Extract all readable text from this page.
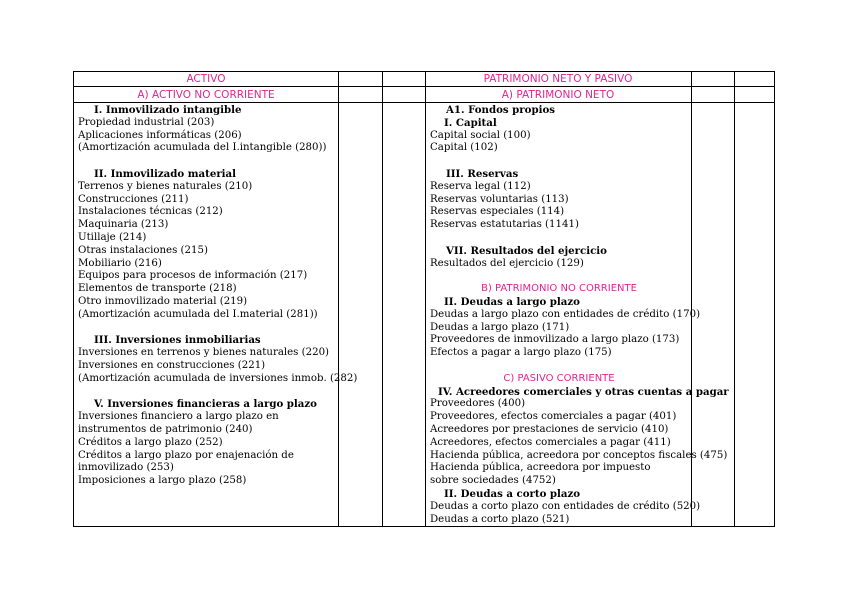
ACTIVO	PATRIMONIO NETO Y PASIVO
A) ACTIVO NO CORRIENTE	A) PATRIMONIO NETO
I. Inmovilizado intangible
Propiedad industrial (203)
Aplicaciones informáticas (206)
(Amortización acumulada del I.intangible (280))
II. Inmovilizado material
Terrenos y bienes naturales (210)
Construcciones (211)
Instalaciones técnicas (212)
Maquinaria (213)
Utillaje (214)
Otras instalaciones (215)
Mobiliario (216)
Equipos para procesos de información (217)
Elementos de transporte (218)
Otro inmovilizado material (219)
(Amortización acumulada del I.material (281))
III. Inversiones inmobiliarias
Inversiones en terrenos y bienes naturales (220)
Inversiones en construcciones (221)
(Amortización acumulada de inversiones inmob. (282)
V. Inversiones financieras a largo plazo
Inversiones financiero a largo plazo en instrumentos de patrimonio (240)
Créditos a largo plazo (252)
Créditos a largo plazo por enajenación de inmovilizado (253)
Imposiciones a largo plazo (258)
A1. Fondos propios
I. Capital
Capital social (100)
Capital (102)
III. Reservas
Reserva legal (112)
Reservas voluntarias (113)
Reservas especiales (114)
Reservas estatutarias (1141)
VII. Resultados del ejercicio
Resultados del ejercicio (129)
B) PATRIMONIO NO CORRIENTE
II. Deudas a largo plazo
Deudas a largo plazo con entidades de crédito (170)
Deudas a largo plazo (171)
Proveedores de inmovilizado a largo plazo (173)
Efectos a pagar a largo plazo (175)
C) PASIVO CORRIENTE
IV. Acreedores comerciales y otras cuentas a pagar
Proveedores (400)
Proveedores, efectos comerciales a pagar (401)
Acreedores por prestaciones de servicio (410)
Acreedores, efectos comerciales a pagar (411)
Hacienda pública, acreedora por conceptos fiscales (475)
Hacienda pública, acreedora por impuesto sobre sociedades (4752)
II. Deudas a corto plazo
Deudas a corto plazo con entidades de crédito (520)
Deudas a corto plazo (521)
